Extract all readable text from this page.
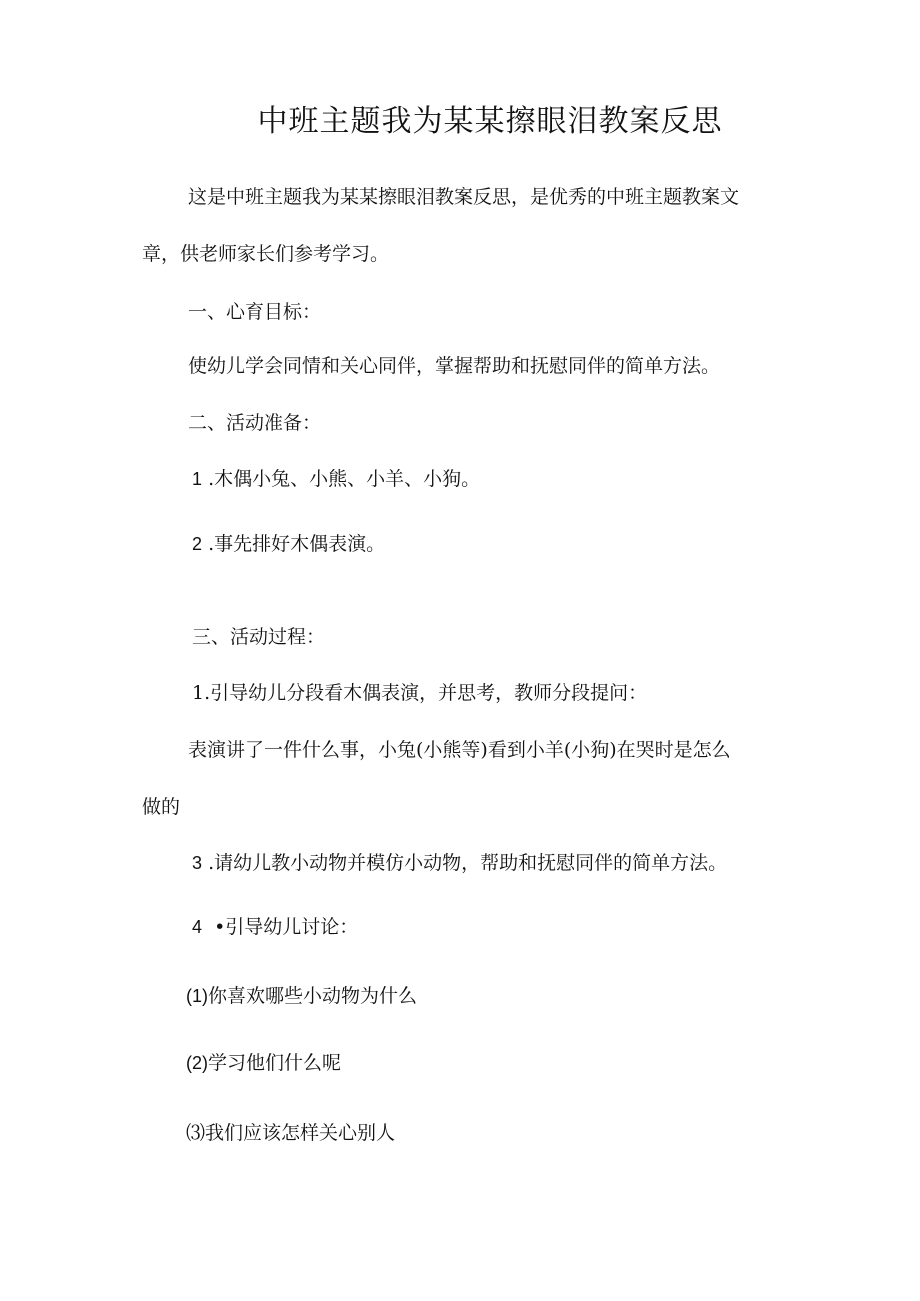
中班主题我为某某擦眼泪教案反思
这是中班主题我为某某擦眼泪教案反思，是优秀的中班主题教案文
章，供老师家长们参考学习。
一、心育目标：
使幼儿学会同情和关心同伴，掌握帮助和抚慰同伴的简单方法。
二、活动准备：
1 .木偶小兔、小熊、小羊、小狗。
2 .事先排好木偶表演。
三、活动过程：
1.引导幼儿分段看木偶表演，并思考，教师分段提问：
表演讲了一件什么事，小兔(小熊等)看到小羊(小狗)在哭时是怎么
做的
3 .请幼儿教小动物并模仿小动物，帮助和抚慰同伴的简单方法。
4 •引导幼儿讨论：
(1)你喜欢哪些小动物为什么
(2)学习他们什么呢
⑶我们应该怎样关心别人
